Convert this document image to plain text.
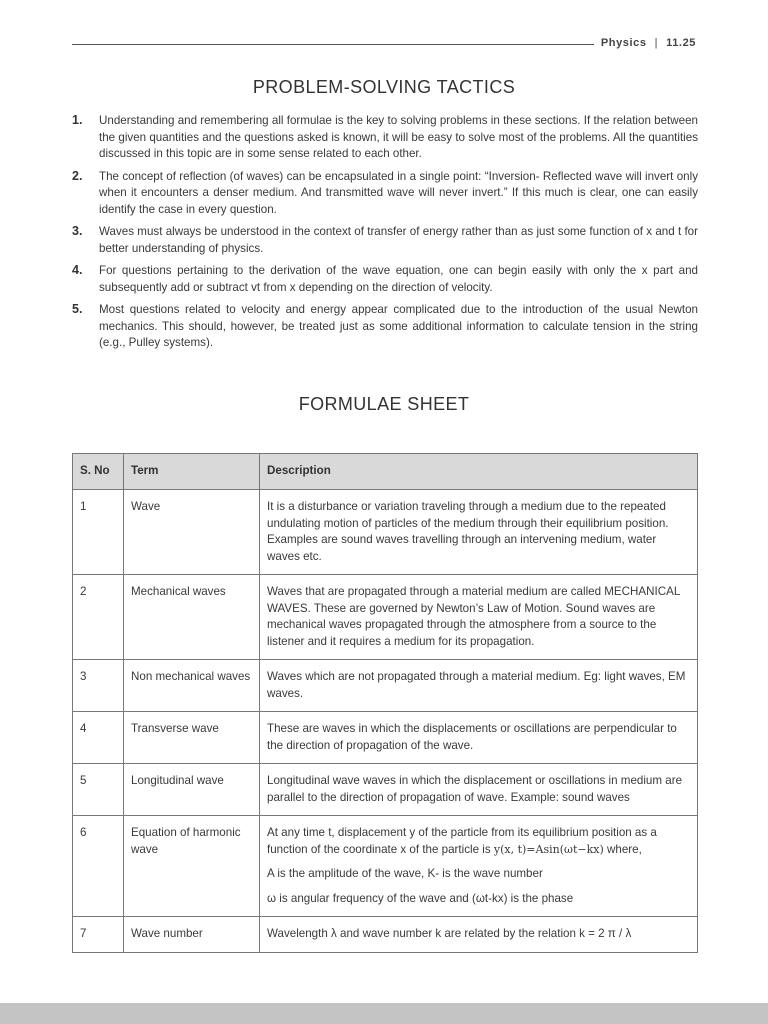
Physics | 11.25
PROBLEM-SOLVING TACTICS
1. Understanding and remembering all formulae is the key to solving problems in these sections. If the relation between the given quantities and the questions asked is known, it will be easy to solve most of the problems. All the quantities discussed in this topic are in some sense related to each other.
2. The concept of reflection (of waves) can be encapsulated in a single point: “Inversion- Reflected wave will invert only when it encounters a denser medium. And transmitted wave will never invert.” If this much is clear, one can easily identify the case in every question.
3. Waves must always be understood in the context of transfer of energy rather than as just some function of x and t for better understanding of physics.
4. For questions pertaining to the derivation of the wave equation, one can begin easily with only the x part and subsequently add or subtract vt from x depending on the direction of velocity.
5. Most questions related to velocity and energy appear complicated due to the introduction of the usual Newton mechanics. This should, however, be treated just as some additional information to calculate tension in the string (e.g., Pulley systems).
FORMULAE SHEET
S. No	Term	Description
1	Wave	It is a disturbance or variation traveling through a medium due to the repeated undulating motion of particles of the medium through their equilibrium position. Examples are sound waves travelling through an intervening medium, water waves etc.
2	Mechanical waves	Waves that are propagated through a material medium are called MECHANICAL WAVES. These are governed by Newton’s Law of Motion. Sound waves are mechanical waves propagated through the atmosphere from a source to the listener and it requires a medium for its propagation.
3	Non mechanical waves	Waves which are not propagated through a material medium. Eg: light waves, EM waves.
4	Transverse wave	These are waves in which the displacements or oscillations are perpendicular to the direction of propagation of the wave.
5	Longitudinal wave	Longitudinal wave waves in which the displacement or oscillations in medium are parallel to the direction of propagation of wave. Example: sound waves
6	Equation of harmonic wave	At any time t, displacement y of the particle from its equilibrium position as a function of the coordinate x of the particle is y(x, t)=Asin(ωt−kx) where,
A is the amplitude of the wave, K- is the wave number
ω is angular frequency of the wave and (ωt-kx) is the phase

7	Wave number	Wavelength λ and wave number k are related by the relation k = 2 π / λ
